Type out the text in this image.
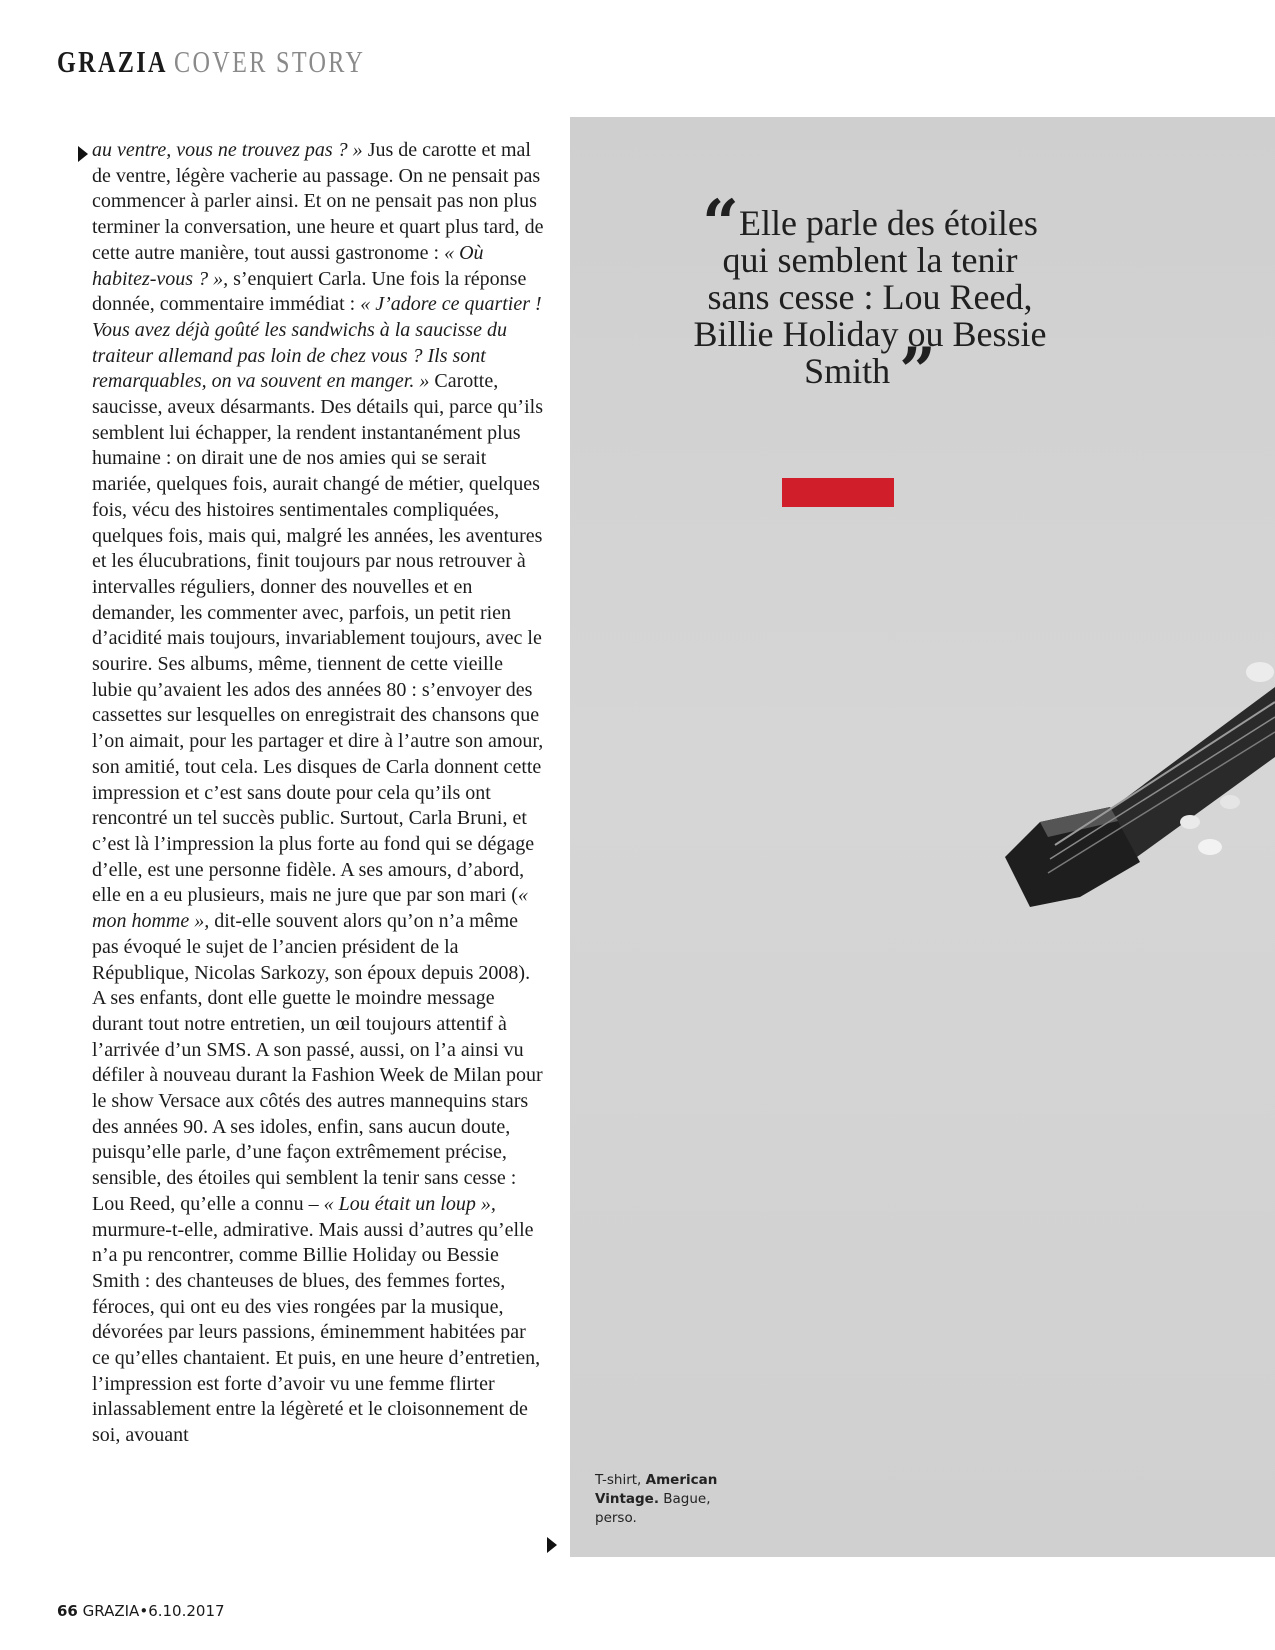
GRAZIA COVER STORY

au ventre, vous ne trouvez pas ? » Jus de carotte et mal de ventre, légère vacherie au passage. On ne pensait pas commencer à parler ainsi. Et on ne pensait pas non plus terminer la conversation, une heure et quart plus tard, de cette autre manière, tout aussi gastronome : « Où habitez-vous ? », s’enquiert Carla. Une fois la réponse donnée, commentaire immédiat : « J’adore ce quartier ! Vous avez déjà goûté les sandwichs à la saucisse du traiteur allemand pas loin de chez vous ? Ils sont remarquables, on va souvent en manger. » Carotte, saucisse, aveux désarmants. Des détails qui, parce qu’ils semblent lui échapper, la rendent instantanément plus humaine : on dirait une de nos amies qui se serait mariée, quelques fois, aurait changé de métier, quelques fois, vécu des histoires sentimentales compliquées, quelques fois, mais qui, malgré les années, les aventures et les élucubrations, finit toujours par nous retrouver à intervalles réguliers, donner des nouvelles et en demander, les commenter avec, parfois, un petit rien d’acidité mais toujours, invariablement toujours, avec le sourire. Ses albums, même, tiennent de cette vieille lubie qu’avaient les ados des années 80 : s’envoyer des cassettes sur lesquelles on enregistrait des chansons que l’on aimait, pour les partager et dire à l’autre son amour, son amitié, tout cela. Les disques de Carla donnent cette impression et c’est sans doute pour cela qu’ils ont rencontré un tel succès public. Surtout, Carla Bruni, et c’est là l’impression la plus forte au fond qui se dégage d’elle, est une personne fidèle. A ses amours, d’abord, elle en a eu plusieurs, mais ne jure que par son mari (« mon homme », dit-elle souvent alors qu’on n’a même pas évoqué le sujet de l’ancien président de la République, Nicolas Sarkozy, son époux depuis 2008). A ses enfants, dont elle guette le moindre message durant tout notre entretien, un œil toujours attentif à l’arrivée d’un SMS. A son passé, aussi, on l’a ainsi vu défiler à nouveau durant la Fashion Week de Milan pour le show Versace aux côtés des autres mannequins stars des années 90. A ses idoles, enfin, sans aucun doute, puisqu’elle parle, d’une façon extrêmement précise, sensible, des étoiles qui semblent la tenir sans cesse : Lou Reed, qu’elle a connu – « Lou était un loup », murmure-t-elle, admirative. Mais aussi d’autres qu’elle n’a pu rencontrer, comme Billie Holiday ou Bessie Smith : des chanteuses de blues, des femmes fortes, féroces, qui ont eu des vies rongées par la musique, dévorées par leurs passions, éminemment habitées par ce qu’elles chantaient. Et puis, en une heure d’entretien, l’impression est forte d’avoir vu une femme flirter inlassablement entre la légèreté et le cloisonnement de soi, avouant

“Elle parle des étoiles qui semblent la tenir sans cesse : Lou Reed, Billie Holiday ou Bessie Smith ”
T-shirt, American Vintage. Bague, perso.
66 GRAZIA•6.10.2017
